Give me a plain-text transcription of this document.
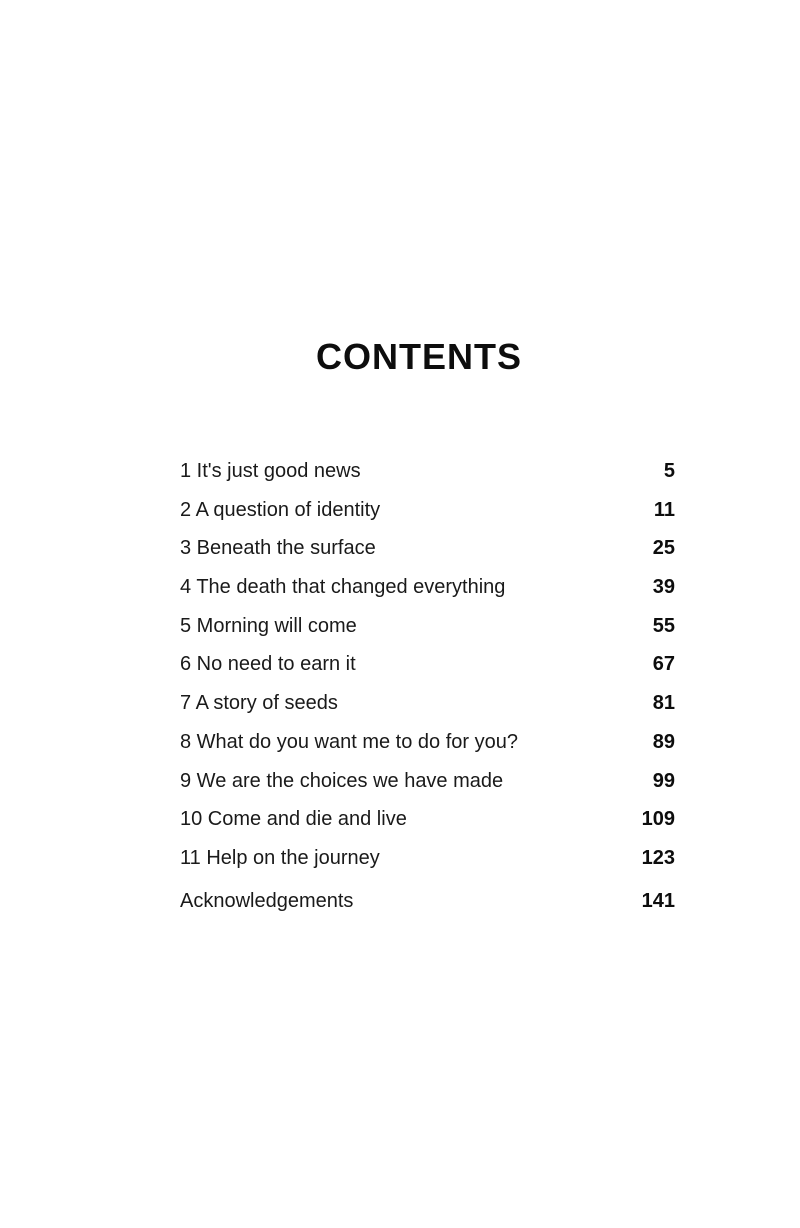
CONTENTS
1 It's just good news	5
2 A question of identity	11
3 Beneath the surface	25
4 The death that changed everything	39
5 Morning will come	55
6 No need to earn it	67
7 A story of seeds	81
8 What do you want me to do for you?	89
9 We are the choices we have made	99
10 Come and die and live	109
11 Help on the journey	123
Acknowledgements	141
